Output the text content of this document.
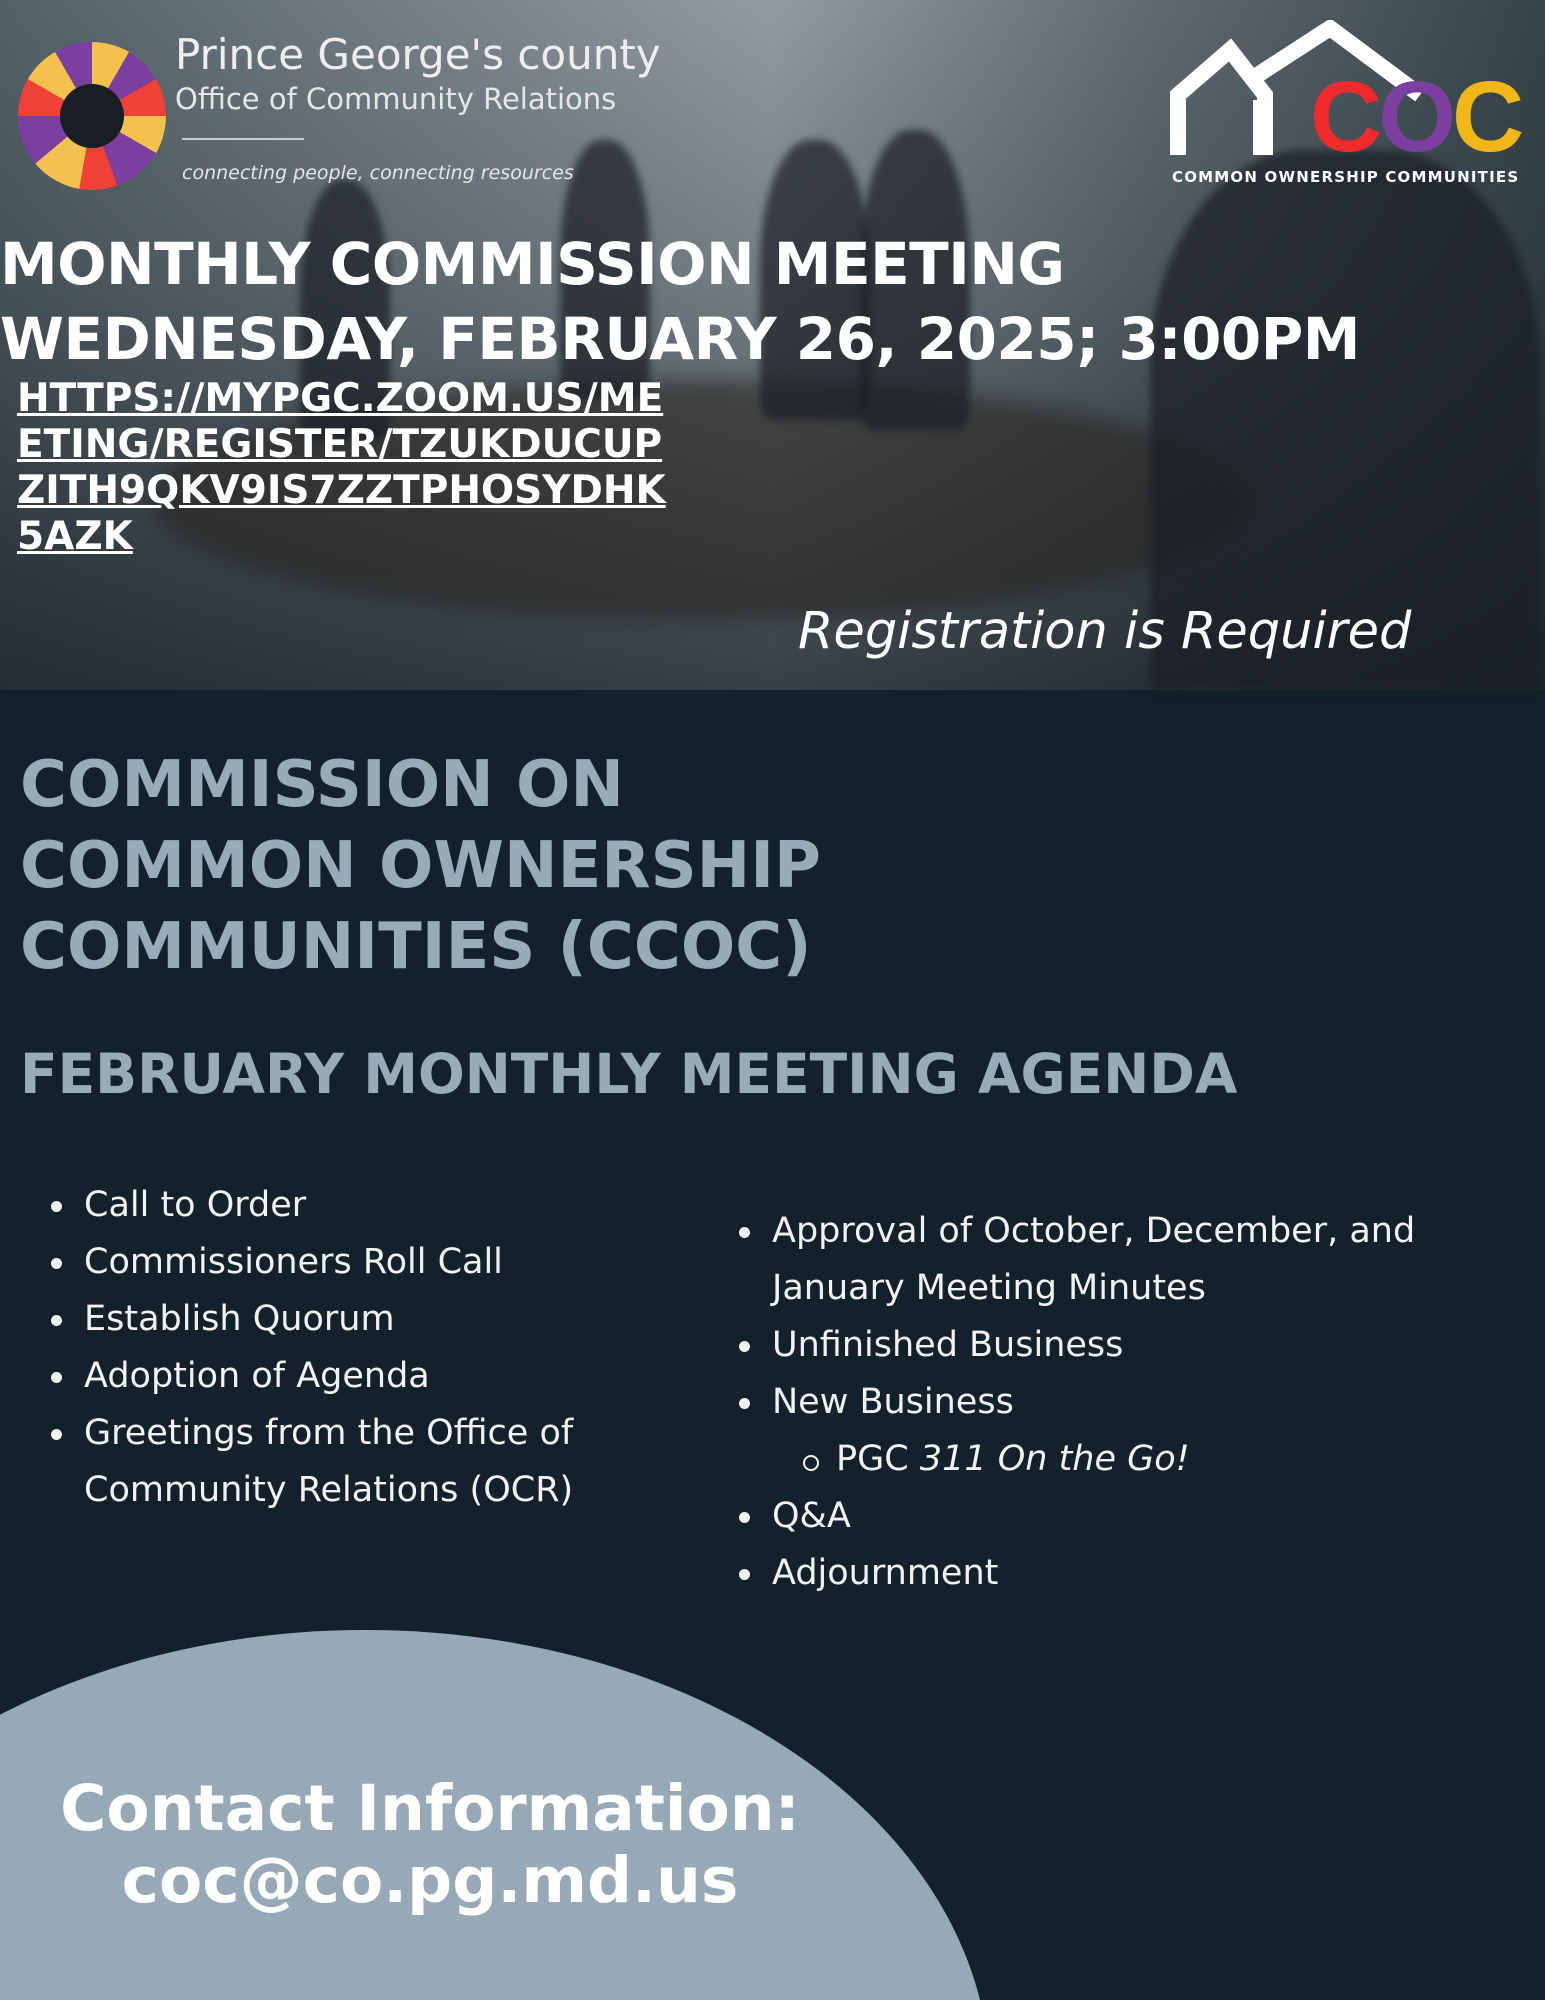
Prince George's county
Office of Community Relations
connecting people, connecting resources	COC
COMMON OWNERSHIP COMMUNITIES
MONTHLY COMMISSION MEETING
WEDNESDAY, FEBRUARY 26, 2025; 3:00PM
HTTPS://MYPGC.ZOOM.US/MEETING/REGISTER/TZUKDUCUPZITH9QKV9IS7ZZTPHOSYDHK5AZK
Registration is Required
COMMISSION ON COMMON OWNERSHIP COMMUNITIES (CCOC)
FEBRUARY MONTHLY MEETING AGENDA
Call to Order
Commissioners Roll Call
Establish Quorum
Adoption of Agenda
Greetings from the Office of Community Relations (OCR)
Approval of October, December, and January Meeting Minutes
Unfinished Business
New Business
PGC 311 On the Go!
Q&A
Adjournment
Contact Information:
coc@co.pg.md.us
